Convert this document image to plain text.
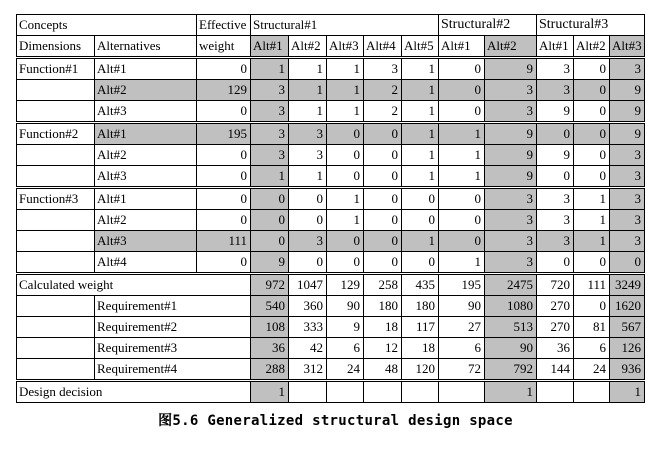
Concepts		Effective	Structural#1					Structural#2		Structural#3		
Dimensions	Alternatives	weight	Alt#1	Alt#2	Alt#3	Alt#4	Alt#5	Alt#1	Alt#2	Alt#1	Alt#2	Alt#3
Function#1	Alt#1	0	1	1	1	3	1	0	9	3	0	3
	Alt#2	129	3	1	1	2	1	0	3	3	0	9
	Alt#3	0	3	1	1	2	1	0	3	9	0	9
Function#2	Alt#1	195	3	3	0	0	1	1	9	0	0	9
	Alt#2	0	3	3	0	0	1	1	9	9	0	3
	Alt#3	0	1	1	0	0	1	1	9	0	0	3
Function#3	Alt#1	0	0	0	1	0	0	0	3	3	1	3
	Alt#2	0	0	0	1	0	0	0	3	3	1	3
	Alt#3	111	0	3	0	0	1	0	3	3	1	3
	Alt#4	0	9	0	0	0	0	1	3	0	0	0
Calculated weight			972	1047	129	258	435	195	2475	720	111	3249
	Requirement#1		540	360	90	180	180	90	1080	270	0	1620
	Requirement#2		108	333	9	18	117	27	513	270	81	567
	Requirement#3		36	42	6	12	18	6	90	36	6	126
	Requirement#4		288	312	24	48	120	72	792	144	24	936
Design decision			1						1			1
图5.6 Generalized structural design space
